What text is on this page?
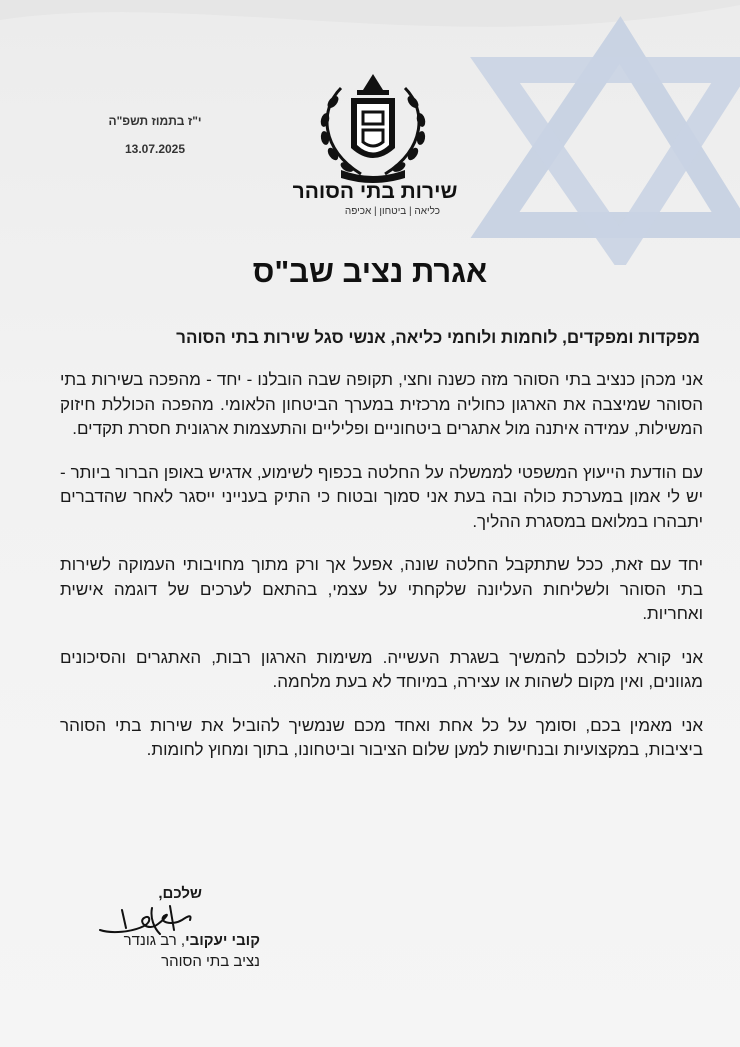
י"ז בתמוז תשפ"ה
13.07.2025
שירות בתי הסוהר
כליאה | ביטחון | אכיפה
אגרת נציב שב"ס
מפקדות ומפקדים, לוחמות ולוחמי כליאה, אנשי סגל שירות בתי הסוהר

אני מכהן כנציב בתי הסוהר מזה כשנה וחצי, תקופה שבה הובלנו - יחד - מהפכה בשירות בתי הסוהר שמיצבה את הארגון כחוליה מרכזית במערך הביטחון הלאומי. מהפכה הכוללת חיזוק המשילות, עמידה איתנה מול אתגרים ביטחוניים ופליליים והתעצמות ארגונית חסרת תקדים.

עם הודעת הייעוץ המשפטי לממשלה על החלטה בכפוף לשימוע, אדגיש באופן הברור ביותר - יש לי אמון במערכת כולה ובה בעת אני סמוך ובטוח כי התיק בענייני ייסגר לאחר שהדברים יתבהרו במלואם במסגרת ההליך.

יחד עם זאת, ככל שתתקבל החלטה שונה, אפעל אך ורק מתוך מחויבותי העמוקה לשירות בתי הסוהר ולשליחות העליונה שלקחתי על עצמי, בהתאם לערכים של דוגמה אישית ואחריות.

אני קורא לכולכם להמשיך בשגרת העשייה. משימות הארגון רבות, האתגרים והסיכונים מגוונים, ואין מקום לשהות או עצירה, במיוחד לא בעת מלחמה.

אני מאמין בכם, וסומך על כל אחת ואחד מכם שנמשיך להוביל את שירות בתי הסוהר ביציבות, במקצועיות ובנחישות למען שלום הציבור וביטחונו, בתוך ומחוץ לחומות.

שלכם,
קובי יעקובי, רב גונדר
נציב בתי הסוהר
